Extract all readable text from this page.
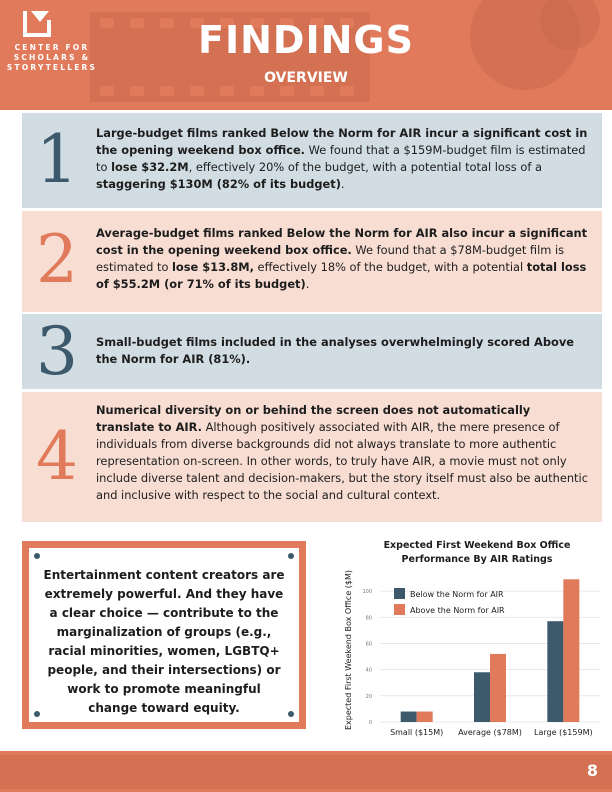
CENTER FOR
SCHOLARS &
STORYTELLERS
FINDINGS
OVERVIEW
1 Large-budget films ranked Below the Norm for AIR incur a significant cost in the opening weekend box office. We found that a $159M-budget film is estimated to lose $32.2M, effectively 20% of the budget, with a potential total loss of a staggering $130M (82% of its budget).
2 Average-budget films ranked Below the Norm for AIR also incur a significant cost in the opening weekend box office. We found that a $78M-budget film is estimated to lose $13.8M, effectively 18% of the budget, with a potential total loss of $55.2M (or 71% of its budget).
3 Small-budget films included in the analyses overwhelmingly scored Above the Norm for AIR (81%).
4
Numerical diversity on or behind the screen does not automatically translate to AIR. Although positively associated with AIR, the mere presence of individuals from diverse backgrounds did not always translate to more authentic representation on-screen. In other words, to truly have AIR, a movie must not only include diverse talent and decision-makers, but the story itself must also be authentic and inclusive with respect to the social and cultural context.
Entertainment content creators are extremely powerful. And they have a clear choice — contribute to the marginalization of groups (e.g., racial minorities, women, LGBTQ+ people, and their intersections) or work to promote meaningful change toward equity.
Expected First Weekend Box Office
Performance By AIR Ratings
Expected First Weekend Box Office ($M)	0
20
40
60
80
100
Small ($15M) Average ($78M) Large ($159M)
Below the Norm for AIR
Above the Norm for AIR
8
